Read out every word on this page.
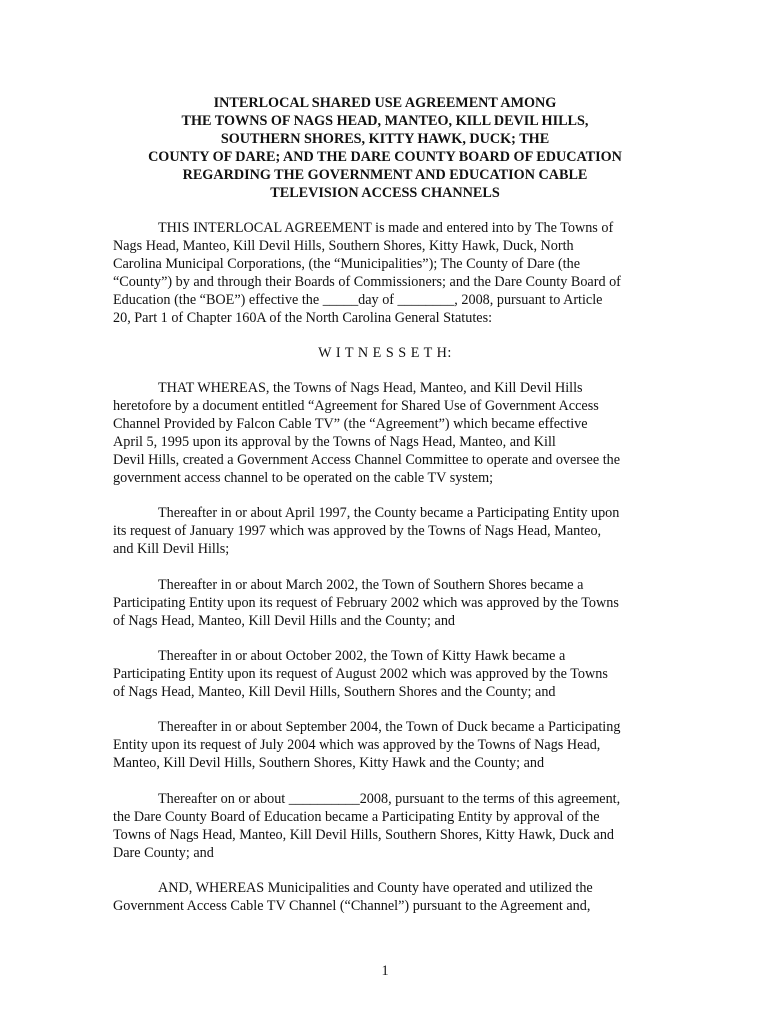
INTERLOCAL SHARED USE AGREEMENT AMONG
THE TOWNS OF NAGS HEAD, MANTEO, KILL DEVIL HILLS,
SOUTHERN SHORES, KITTY HAWK, DUCK; THE
COUNTY OF DARE; AND THE DARE COUNTY BOARD OF EDUCATION
REGARDING THE GOVERNMENT AND EDUCATION CABLE
TELEVISION ACCESS CHANNELS
THIS INTERLOCAL AGREEMENT is made and entered into by The Towns of
Nags Head, Manteo, Kill Devil Hills, Southern Shores, Kitty Hawk, Duck, North
Carolina Municipal Corporations, (the “Municipalities”); The County of Dare (the
“County”) by and through their Boards of Commissioners; and the Dare County Board of
Education (the “BOE”) effective the _____day of ________, 2008, pursuant to Article
20, Part 1 of Chapter 160A of the North Carolina General Statutes:
W I T N E S S E T H:
THAT WHEREAS, the Towns of Nags Head, Manteo, and Kill Devil Hills
heretofore by a document entitled “Agreement for Shared Use of Government Access
Channel Provided by Falcon Cable TV” (the “Agreement”) which became effective
April 5, 1995 upon its approval by the Towns of Nags Head, Manteo, and Kill
Devil Hills, created a Government Access Channel Committee to operate and oversee the
government access channel to be operated on the cable TV system;
Thereafter in or about April 1997, the County became a Participating Entity upon
its request of January 1997 which was approved by the Towns of Nags Head, Manteo,
and Kill Devil Hills;
Thereafter in or about March 2002, the Town of Southern Shores became a
Participating Entity upon its request of February 2002 which was approved by the Towns
of Nags Head, Manteo, Kill Devil Hills and the County; and
Thereafter in or about October 2002, the Town of Kitty Hawk became a
Participating Entity upon its request of August 2002 which was approved by the Towns
of Nags Head, Manteo, Kill Devil Hills, Southern Shores and the County; and
Thereafter in or about September 2004, the Town of Duck became a Participating
Entity upon its request of July 2004 which was approved by the Towns of Nags Head,
Manteo, Kill Devil Hills, Southern Shores, Kitty Hawk and the County; and
Thereafter on or about __________2008, pursuant to the terms of this agreement,
the Dare County Board of Education became a Participating Entity by approval of the
Towns of Nags Head, Manteo, Kill Devil Hills, Southern Shores, Kitty Hawk, Duck and
Dare County; and
AND, WHEREAS Municipalities and County have operated and utilized the
Government Access Cable TV Channel (“Channel”) pursuant to the Agreement and,
1
